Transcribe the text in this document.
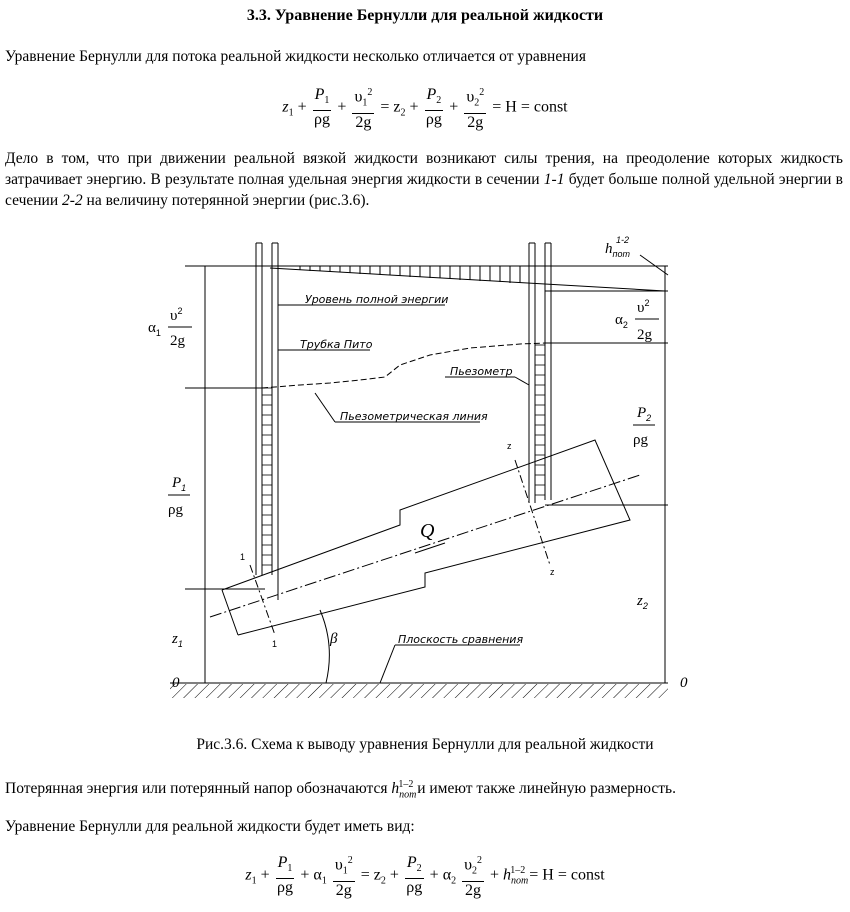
3.3. Уравнение Бернулли для реальной жидкости
Уравнение Бернулли для потока реальной жидкости несколько отличается от уравнения
$z_1 + \frac{P_1}{\rho g} + \frac{\upsilon_1^2}{2g} = z_2 + \frac{P_2}{\rho g} + \frac{\upsilon_2^2}{2g} = H$ = const
Дело в том, что при движении реальной вязкой жидкости возникают силы трения, на преодоление которых жидкость затрачивает энергию. В результате полная удельная энергия жидкости в сечении 1-1 будет больше полной удельной энергии в сечении 2-2 на величину потерянной энергии (рис.3.6).
$h_{пот}1-2$
Уровень полной энергии
Трубка Пито
Пьезометр
Пьезометрическая линия
Плоскость сравнения
Q
β
0	0
$\alpha_1$
$\upsilon^2$
2g
$\alpha_2$
$\upsilon^2$
2g
$P_1$
ρg
$P_2$
ρg
$z_1$
$z_2$
1
1
z
z
Рис.3.6. Схема к выводу уравнения Бернулли для реальной жидкости
Потерянная энергия или потерянный напор обозначаются $h_{пот}^{1-2}$ и имеют также линейную размерность.
Уравнение Бернулли для реальной жидкости будет иметь вид:
$z_1 + \frac{P_1}{\rho g} + \alpha_1 \frac{\upsilon_1^2}{2g} = z_2 + \frac{P_2}{\rho g} + \alpha_2 \frac{\upsilon_2^2}{2g} + h_{пот}^{1-2} = H$ = const
